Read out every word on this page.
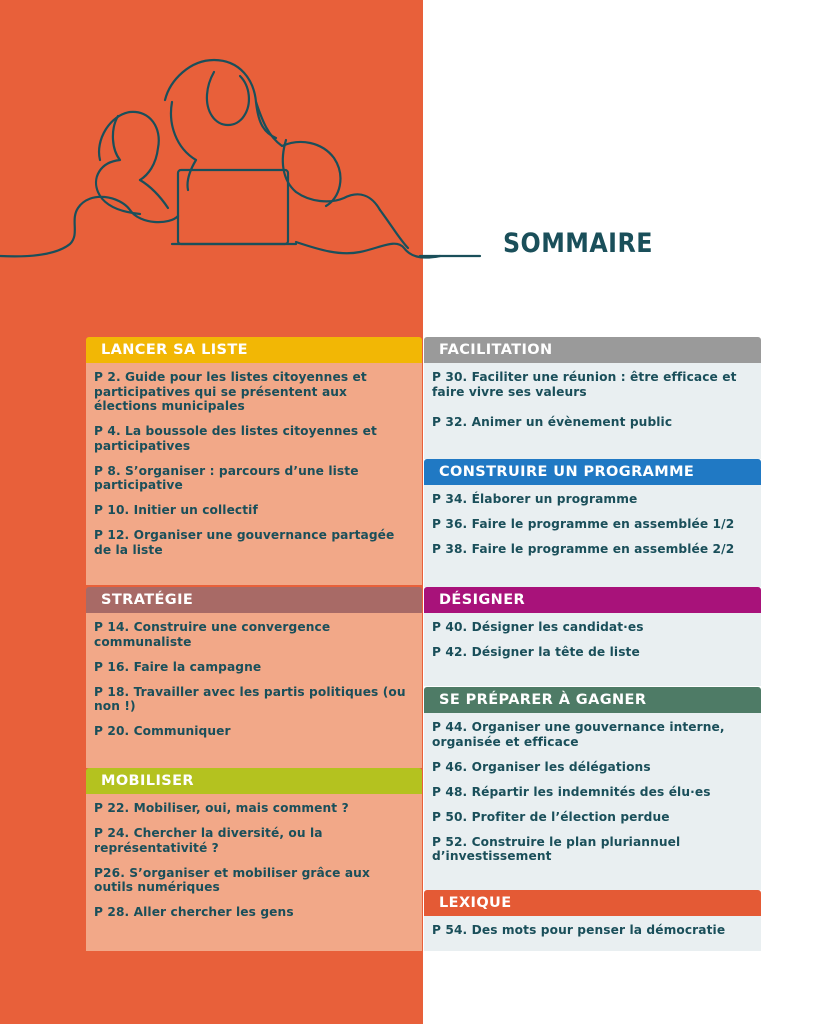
SOMMAIRE
LANCER SA LISTE
P 2. Guide pour les listes citoyennes et participatives qui se présentent aux élections municipales
P 4. La boussole des listes citoyennes et participatives
P 8. S’organiser : parcours d’une liste participative
P 10. Initier un collectif
P 12. Organiser une gouvernance partagée de la liste
STRATÉGIE
P 14. Construire une convergence communaliste
P 16. Faire la campagne
P 18. Travailler avec les partis politiques (ou non !)
P 20. Communiquer
MOBILISER
P 22. Mobiliser, oui, mais comment ?
P 24. Chercher la diversité, ou la représentativité ?
P26. S’organiser et mobiliser grâce aux outils numériques
P 28. Aller chercher les gens
FACILITATION
P 30. Faciliter une réunion : être efficace et faire vivre ses valeurs
P 32. Animer un évènement public
CONSTRUIRE UN PROGRAMME
P 34. Élaborer un programme
P 36. Faire le programme en assemblée 1/2
P 38. Faire le programme en assemblée 2/2
DÉSIGNER
P 40. Désigner les candidat·es
P 42. Désigner la tête de liste
SE PRÉPARER À GAGNER
P 44. Organiser une gouvernance interne, organisée et efficace
P 46. Organiser les délégations
P 48. Répartir les indemnités des élu·es
P 50. Profiter de l’élection perdue
P 52. Construire le plan pluriannuel d’investissement
LEXIQUE
P 54. Des mots pour penser la démocratie
